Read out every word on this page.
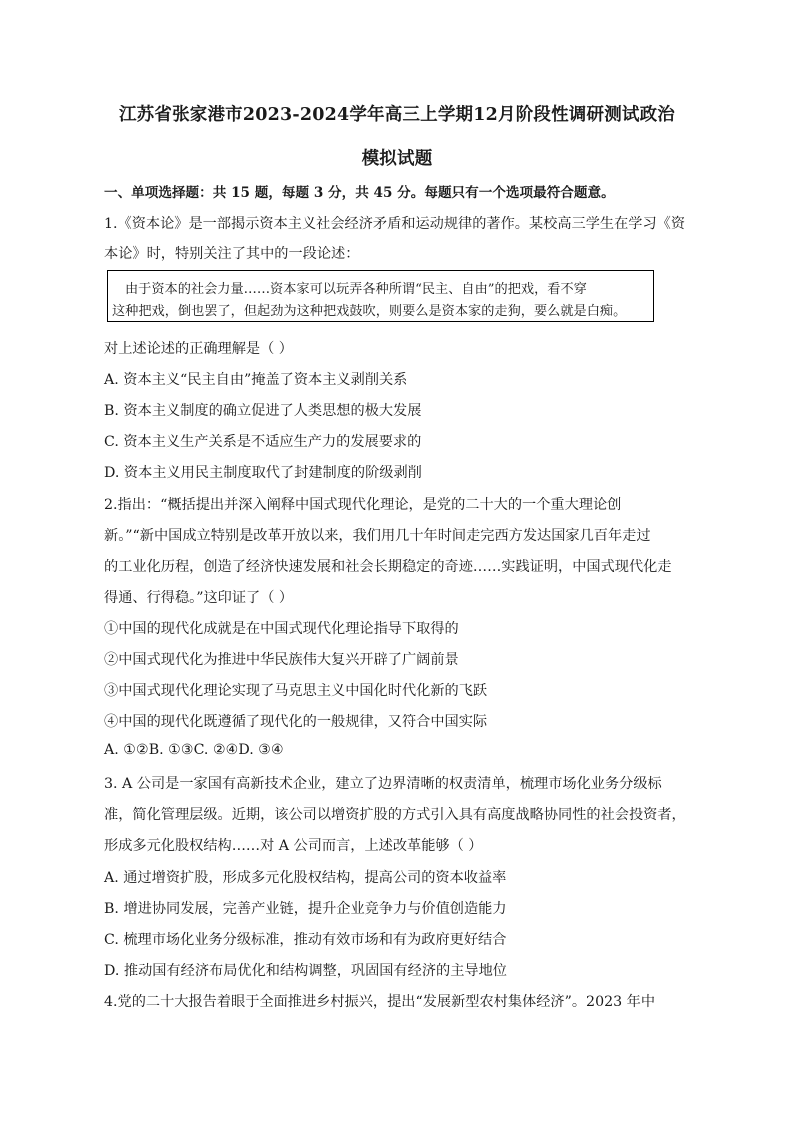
江苏省张家港市2023-2024学年高三上学期12月阶段性调研测试政治
模拟试题
一、单项选择题：共 15 题，每题 3 分，共 45 分。每题只有一个选项最符合题意。
1.《资本论》是一部揭示资本主义社会经济矛盾和运动规律的著作。某校高三学生在学习《资
本论》时，特别关注了其中的一段论述：
由于资本的社会力量……资本家可以玩弄各种所谓“民主、自由”的把戏，看不穿
这种把戏，倒也罢了，但起劲为这种把戏鼓吹，则要么是资本家的走狗，要么就是白痴。
对上述论述的正确理解是（ ）
A. 资本主义“民主自由”掩盖了资本主义剥削关系
B. 资本主义制度的确立促进了人类思想的极大发展
C. 资本主义生产关系是不适应生产力的发展要求的
D. 资本主义用民主制度取代了封建制度的阶级剥削
2.指出：“概括提出并深入阐释中国式现代化理论，是党的二十大的一个重大理论创
新。”“新中国成立特别是改革开放以来，我们用几十年时间走完西方发达国家几百年走过
的工业化历程，创造了经济快速发展和社会长期稳定的奇迹……实践证明，中国式现代化走
得通、行得稳。”这印证了（ ）
①中国的现代化成就是在中国式现代化理论指导下取得的
②中国式现代化为推进中华民族伟大复兴开辟了广阔前景
③中国式现代化理论实现了马克思主义中国化时代化新的飞跃
④中国的现代化既遵循了现代化的一般规律，又符合中国实际
A. ①②B. ①③C. ②④D. ③④
3. A 公司是一家国有高新技术企业，建立了边界清晰的权责清单，梳理市场化业务分级标
准，简化管理层级。近期，该公司以增资扩股的方式引入具有高度战略协同性的社会投资者，
形成多元化股权结构……对 A 公司而言，上述改革能够（ ）
A. 通过增资扩股，形成多元化股权结构，提高公司的资本收益率
B. 增进协同发展，完善产业链，提升企业竞争力与价值创造能力
C. 梳理市场化业务分级标准，推动有效市场和有为政府更好结合
D. 推动国有经济布局优化和结构调整，巩固国有经济的主导地位
4.党的二十大报告着眼于全面推进乡村振兴，提出“发展新型农村集体经济”。2023 年中
